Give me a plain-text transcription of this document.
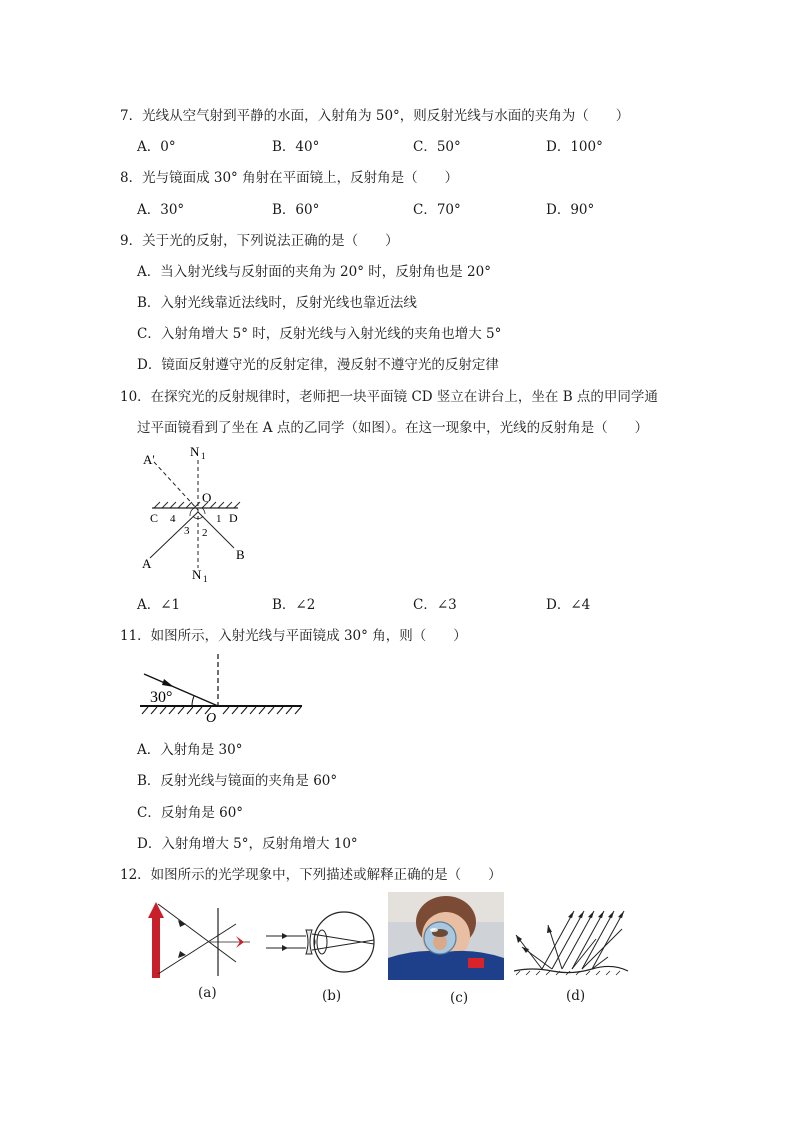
7．光线从空气射到平静的水面，入射角为 50°，则反射光线与水面的夹角为（　　）
A．0°	B．40°	C．50°	D．100°
8．光与镜面成 30° 角射在平面镜上，反射角是（　　）
A．30°	B．60°	C．70°	D．90°
9．关于光的反射，下列说法正确的是（　　）
A．当入射光线与反射面的夹角为 20° 时，反射角也是 20°
B．入射光线靠近法线时，反射光线也靠近法线
C．入射角增大 5° 时，反射光线与入射光线的夹角也增大 5°
D．镜面反射遵守光的反射定律，漫反射不遵守光的反射定律
10．在探究光的反射规律时，老师把一块平面镜 CD 竖立在讲台上，坐在 B 点的甲同学通
过平面镜看到了坐在 A 点的乙同学（如图）。在这一现象中，光线的反射角是（　　）
A'
N 1
O
C 4	1 D
3 2
B
A
N 1
A．∠1	B．∠2	C．∠3	D．∠4
11．如图所示，入射光线与平面镜成 30° 角，则（　　）
30°
O
A．入射角是 30°
B．反射光线与镜面的夹角是 60°
C．反射角是 60°
D．入射角增大 5°，反射角增大 10°
12．如图所示的光学现象中，下列描述或解释正确的是（　　）
(a)	(b)	(c)	(d)
